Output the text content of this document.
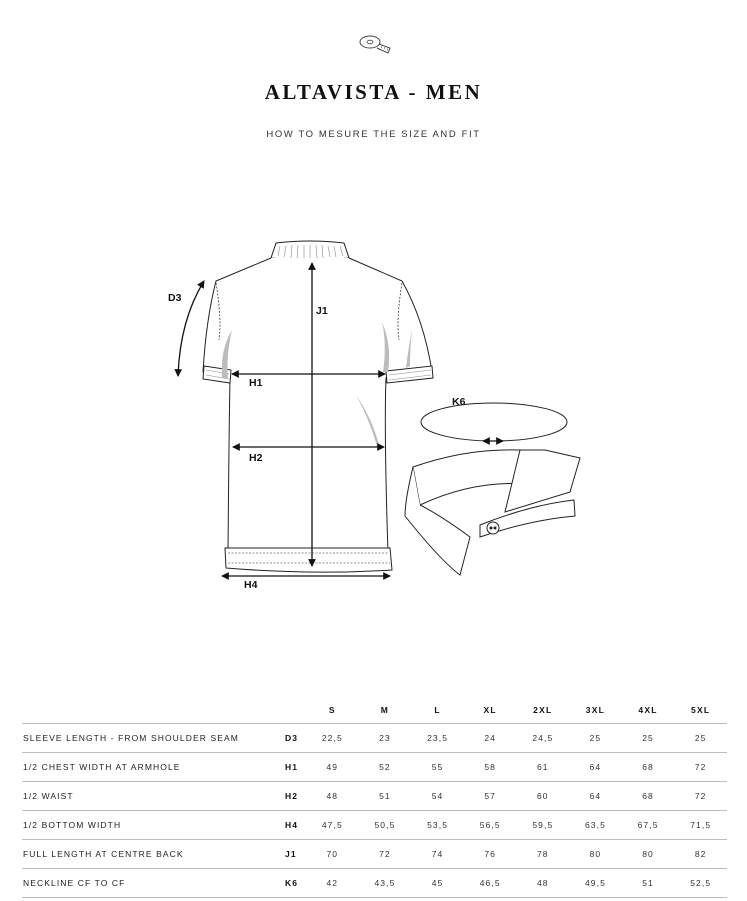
ALTAVISTA - MEN
HOW TO MESURE THE SIZE AND FIT
D3
J1
H1
H2
H4
K6
		S	M	L	XL	2XL	3XL	4XL	5XL
SLEEVE LENGTH - FROM SHOULDER SEAM	D3	22,5	23	23,5	24	24,5	25	25	25
1/2 CHEST WIDTH AT ARMHOLE	H1	49	52	55	58	61	64	68	72
1/2 WAIST	H2	48	51	54	57	60	64	68	72
1/2 BOTTOM WIDTH	H4	47,5	50,5	53,5	56,5	59,5	63,5	67,5	71,5
FULL LENGTH AT CENTRE BACK	J1	70	72	74	76	78	80	80	82
NECKLINE CF TO CF	K6	42	43,5	45	46,5	48	49,5	51	52,5
